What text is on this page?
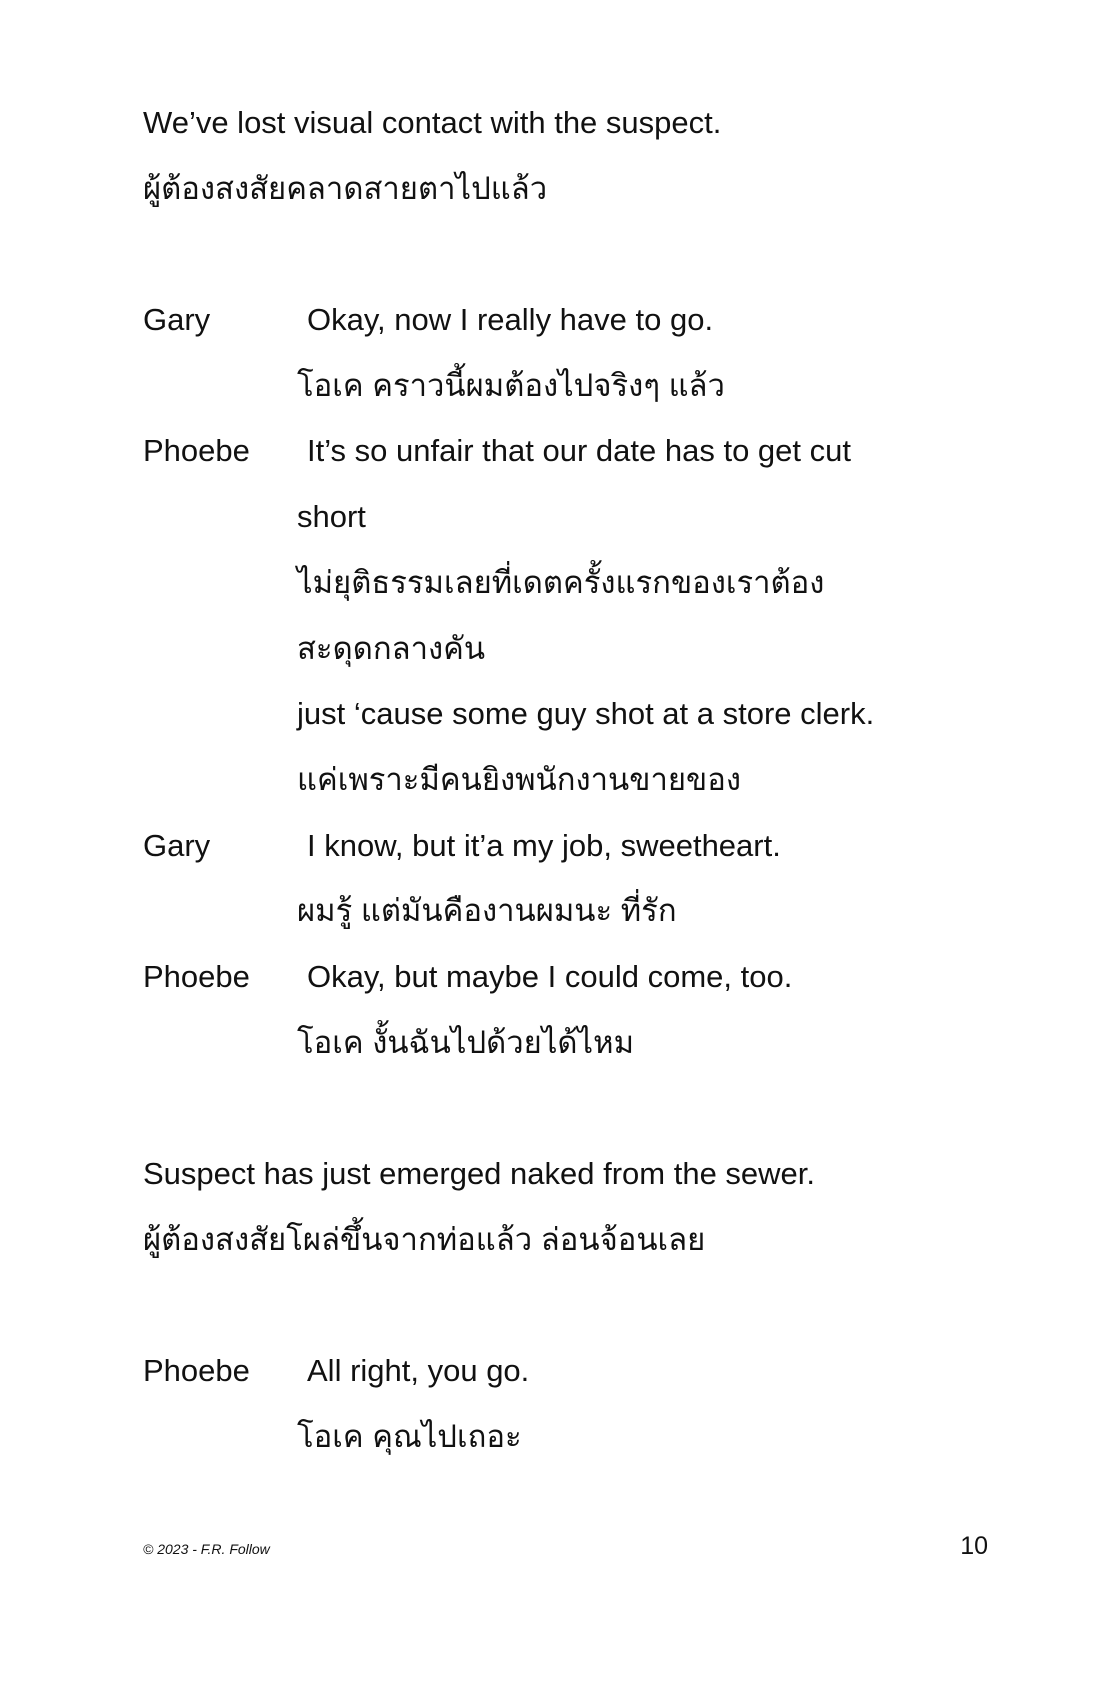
We’ve lost visual contact with the suspect.
ผู้ต้องสงสัยคลาดสายตาไปแล้ว
Gary	Okay, now I really have to go.
โอเค คราวนี้ผมต้องไปจริงๆ แล้ว
Phoebe	It’s so unfair that our date has to get cut
short
ไม่ยุติธรรมเลยที่เดตครั้งแรกของเราต้อง
สะดุดกลางคัน
just ‘cause some guy shot at a store clerk.
แค่เพราะมีคนยิงพนักงานขายของ
Gary	I know, but it’a my job, sweetheart.
ผมรู้ แต่มันคืองานผมนะ ที่รัก
Phoebe	Okay, but maybe I could come, too.
โอเค งั้นฉันไปด้วยได้ไหม
Suspect has just emerged naked from the sewer.
ผู้ต้องสงสัยโผล่ขึ้นจากท่อแล้ว ล่อนจ้อนเลย
Phoebe	All right, you go.
โอเค คุณไปเถอะ
© 2023 - F.R. Follow	10
